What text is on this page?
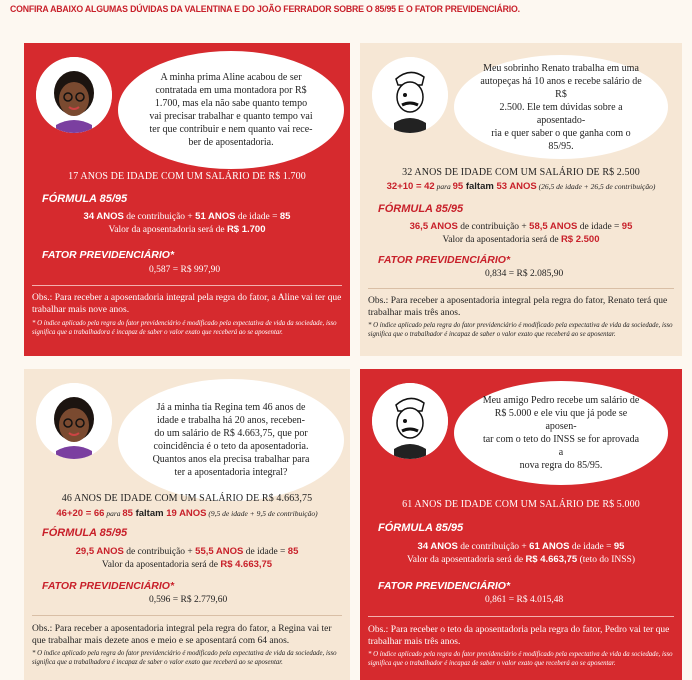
CONFIRA ABAIXO ALGUMAS DÚVIDAS DA VALENTINA E DO JOÃO FERRADOR SOBRE O 85/95 E O FATOR PREVIDENCIÁRIO.
A minha prima Aline acabou de ser
contratada em uma montadora por R$
1.700, mas ela não sabe quanto tempo
vai precisar trabalhar e quanto tempo vai
ter que contribuir e nem quanto vai rece-
ber de aposentadoria.
17 ANOS DE IDADE COM UM SALÁRIO DE R$ 1.700
FÓRMULA 85/95
34 ANOS de contribuição + 51 ANOS de idade = 85
Valor da aposentadoria será de R$ 1.700
FATOR PREVIDENCIÁRIO*
0,587 = R$ 997,90
Obs.: Para receber a aposentadoria integral pela regra do fator, a Aline vai ter que trabalhar mais nove anos.
* O índice aplicado pela regra do fator previdenciário é modificado pela expectativa de vida da sociedade, isso significa que a trabalhadora é incapaz de saber o valor exato que receberá ao se aposentar.
Meu sobrinho Renato trabalha em uma
autopeças há 10 anos e recebe salário de R$
2.500. Ele tem dúvidas sobre a aposentado-
ria e quer saber o que ganha com o 85/95.
32 ANOS DE IDADE COM UM SALÁRIO DE R$ 2.500
32+10 = 42 para 95 faltam 53 ANOS (26,5 de idade + 26,5 de contribuição)
FÓRMULA 85/95
36,5 ANOS de contribuição + 58,5 ANOS de idade = 95
Valor da aposentadoria será de R$ 2.500
FATOR PREVIDENCIÁRIO*
0,834 = R$ 2.085,90
Obs.: Para receber a aposentadoria integral pela regra do fator, Renato terá que trabalhar mais três anos.
* O índice aplicado pela regra do fator previdenciário é modificado pela expectativa de vida da sociedade, isso significa que o trabalhador é incapaz de saber o valor exato que receberá ao se aposentar.
Já a minha tia Regina tem 46 anos de
idade e trabalha há 20 anos, receben-
do um salário de R$ 4.663,75, que por
coincidência é o teto da aposentadoria.
Quantos anos ela precisa trabalhar para
ter a aposentadoria integral?
46 ANOS DE IDADE COM UM SALÁRIO DE R$ 4.663,75
46+20 = 66 para 85 faltam 19 ANOS (9,5 de idade + 9,5 de contribuição)
FÓRMULA 85/95
29,5 ANOS de contribuição + 55,5 ANOS de idade = 85
Valor da aposentadoria será de R$ 4.663,75
FATOR PREVIDENCIÁRIO*
0,596 = R$ 2.779,60
Obs.: Para receber a aposentadoria integral pela regra do fator, a Regina vai ter que trabalhar mais dezete anos e meio e se aposentará com 64 anos.
* O índice aplicado pela regra do fator previdenciário é modificado pela expectativa de vida da sociedade, isso significa que a trabalhadora é incapaz de saber o valor exato que receberá ao se aposentar.
Meu amigo Pedro recebe um salário de
R$ 5.000 e ele viu que já pode se aposen-
tar com o teto do INSS se for aprovada a
nova regra do 85/95.
61 ANOS DE IDADE COM UM SALÁRIO DE R$ 5.000
FÓRMULA 85/95
34 ANOS de contribuição + 61 ANOS de idade = 95
Valor da aposentadoria será de R$ 4.663,75 (teto do INSS)
FATOR PREVIDENCIÁRIO*
0,861 = R$ 4.015,48
Obs.: Para receber o teto da aposentadoria pela regra do fator, Pedro vai ter que trabalhar mais três anos.
* O índice aplicado pela regra do fator previdenciário é modificado pela expectativa de vida da sociedade, isso significa que o trabalhador é incapaz de saber o valor exato que receberá ao se aposentar.
